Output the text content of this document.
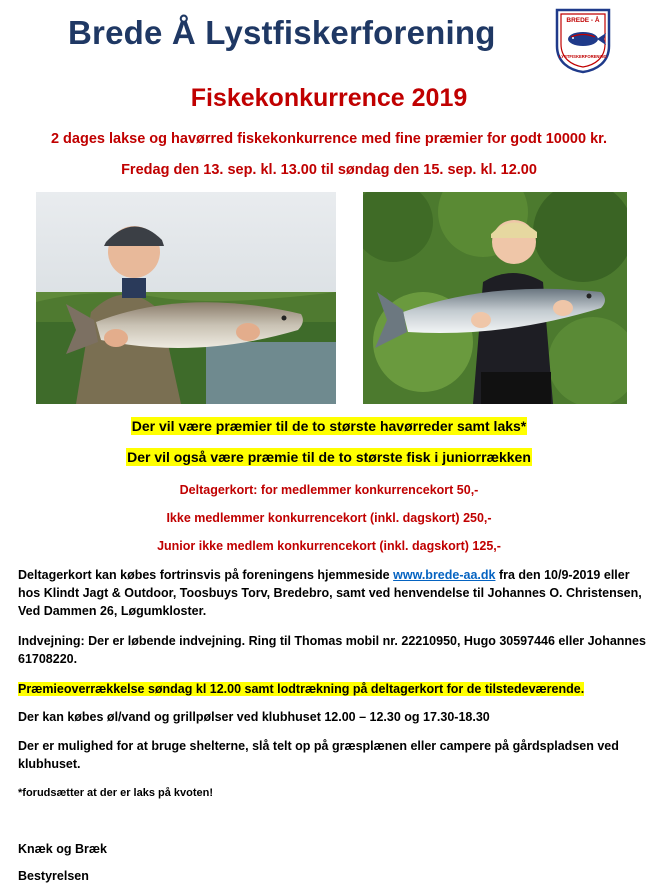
Brede Å Lystfiskerforening	BREDE - Å
LYSTFISKERFORENING
Fiskekonkurrence 2019
2 dages lakse og havørred fiskekonkurrence med fine præmier for godt 10000 kr.
Fredag den 13. sep. kl. 13.00 til søndag den 15. sep. kl. 12.00
Der vil være præmier til de to største havørreder samt laks*
Der vil også være præmie til de to største fisk i juniorrækken
Deltagerkort: for medlemmer konkurrencekort 50,-
Ikke medlemmer konkurrencekort (inkl. dagskort) 250,-
Junior ikke medlem konkurrencekort (inkl. dagskort) 125,-
Deltagerkort kan købes fortrinsvis på foreningens hjemmeside www.brede-aa.dk fra den 10/9-2019 eller hos Klindt Jagt & Outdoor, Toosbuys Torv, Bredebro, samt ved henvendelse til Johannes O. Christensen, Ved Dammen 26, Løgumkloster.
Indvejning: Der er løbende indvejning. Ring til Thomas mobil nr. 22210950, Hugo 30597446 eller Johannes 61708220.
Præmieoverrækkelse søndag kl 12.00 samt lodtrækning på deltagerkort for de tilstedeværende.
Der kan købes øl/vand og grillpølser ved klubhuset 12.00 – 12.30 og 17.30-18.30
Der er mulighed for at bruge shelterne, slå telt op på græsplænen eller campere på gårdspladsen ved klubhuset.
*forudsætter at der er laks på kvoten!
Knæk og Bræk
Bestyrelsen
